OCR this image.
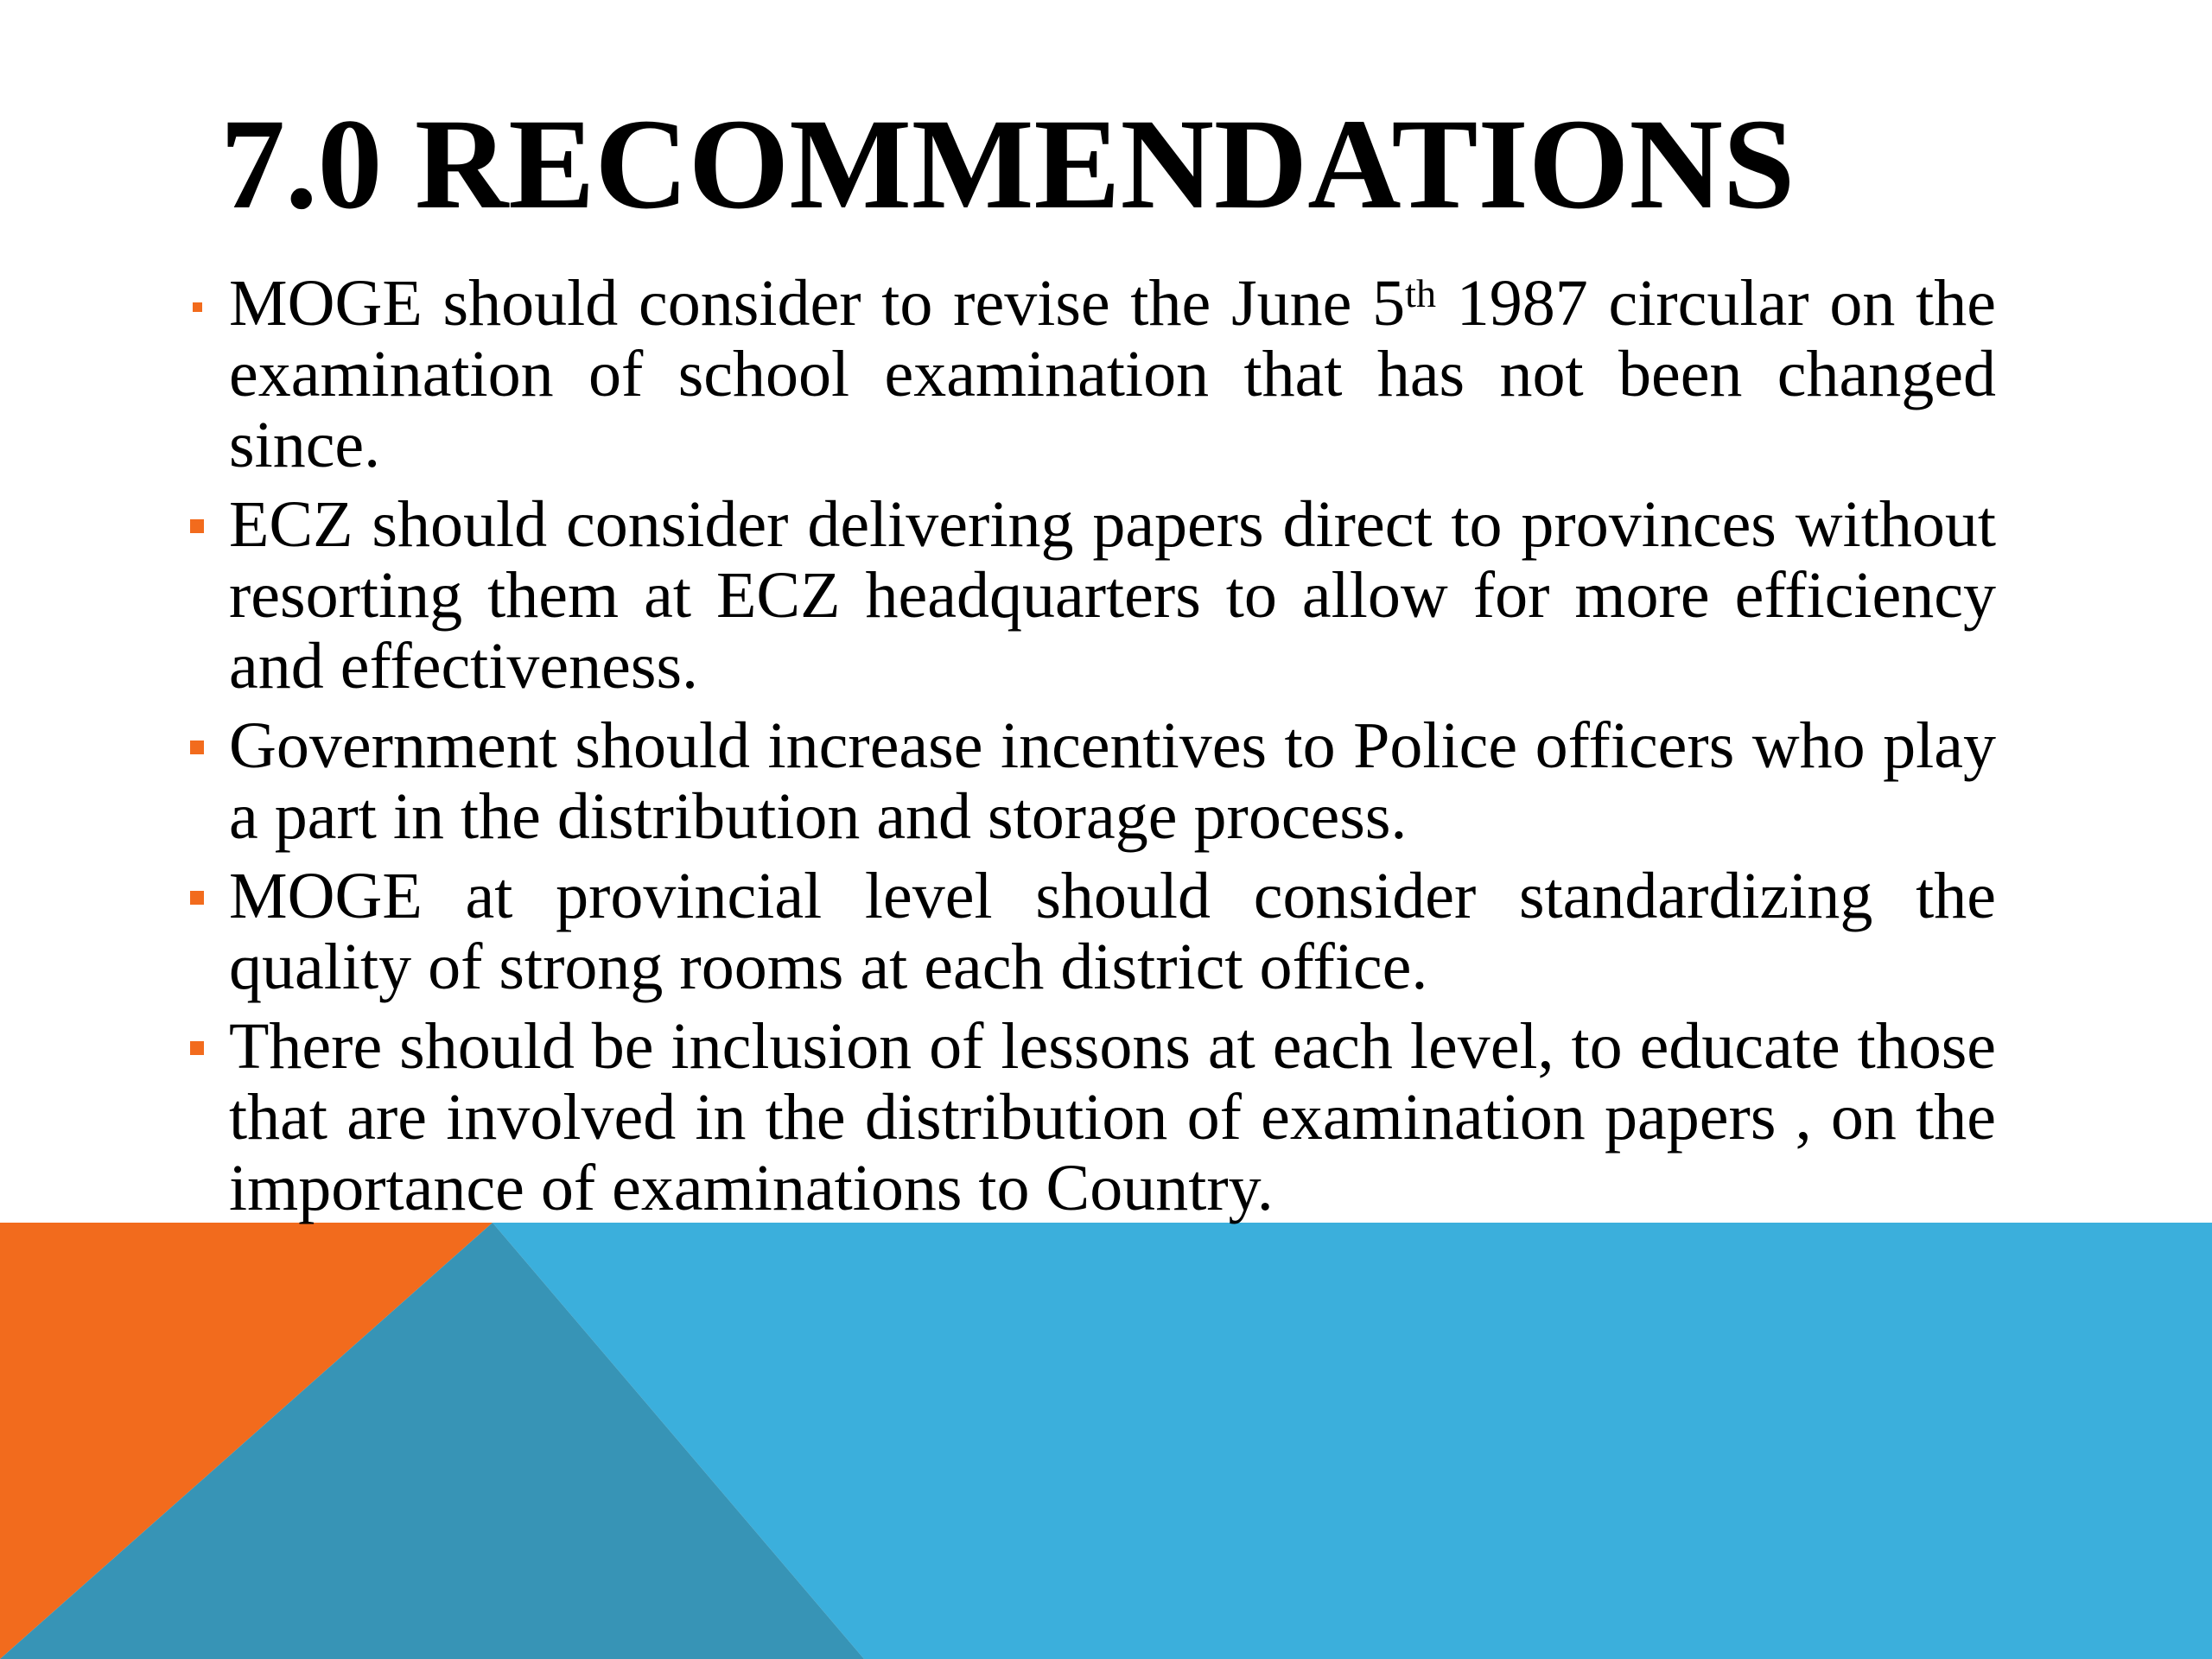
7.0 RECOMMENDATIONS
MOGE should consider to revise the June 5th 1987 circular on the examination of school examination that has not been changed since.
ECZ should consider delivering papers direct to provinces without resorting them at ECZ headquarters to allow for more efficiency and effectiveness.
Government should increase incentives to Police officers who play a part in the distribution and storage process.
MOGE at provincial level should consider standardizing the quality of strong rooms at each district office.
There should be inclusion of lessons at each level, to educate those that are involved in the distribution of examination papers , on the importance of examinations to Country.
